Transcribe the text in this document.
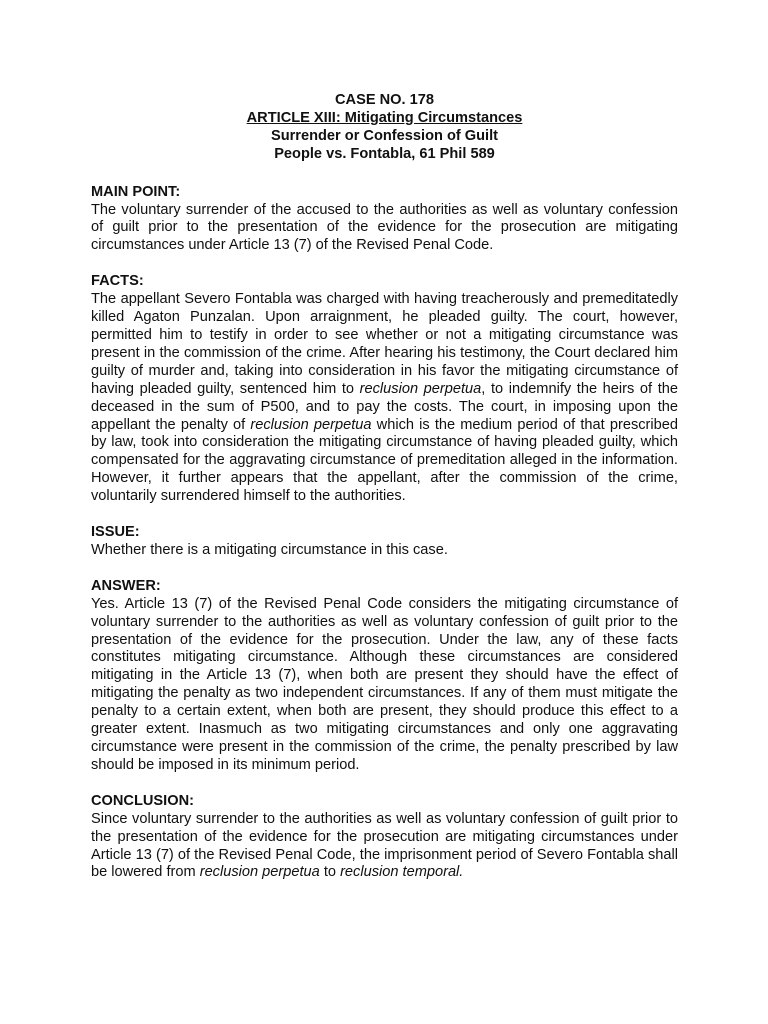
CASE NO. 178
ARTICLE XIII: Mitigating Circumstances
Surrender or Confession of Guilt
People vs. Fontabla, 61 Phil 589
MAIN POINT:

The voluntary surrender of the accused to the authorities as well as voluntary confession of guilt prior to the presentation of the evidence for the prosecution are mitigating circumstances under Article 13 (7) of the Revised Penal Code.

FACTS:

The appellant Severo Fontabla was charged with having treacherously and premeditatedly killed Agaton Punzalan. Upon arraignment, he pleaded guilty. The court, however, permitted him to testify in order to see whether or not a mitigating circumstance was present in the commission of the crime. After hearing his testimony, the Court declared him guilty of murder and, taking into consideration in his favor the mitigating circumstance of having pleaded guilty, sentenced him to reclusion perpetua, to indemnify the heirs of the deceased in the sum of P500, and to pay the costs. The court, in imposing upon the appellant the penalty of reclusion perpetua which is the medium period of that prescribed by law, took into consideration the mitigating circumstance of having pleaded guilty, which compensated for the aggravating circumstance of premeditation alleged in the information. However, it further appears that the appellant, after the commission of the crime, voluntarily surrendered himself to the authorities.

ISSUE:

Whether there is a mitigating circumstance in this case.

ANSWER:

Yes. Article 13 (7) of the Revised Penal Code considers the mitigating circumstance of voluntary surrender to the authorities as well as voluntary confession of guilt prior to the presentation of the evidence for the prosecution. Under the law, any of these facts constitutes mitigating circumstance. Although these circumstances are considered mitigating in the Article 13 (7), when both are present they should have the effect of mitigating the penalty as two independent circumstances. If any of them must mitigate the penalty to a certain extent, when both are present, they should produce this effect to a greater extent. Inasmuch as two mitigating circumstances and only one aggravating circumstance were present in the commission of the crime, the penalty prescribed by law should be imposed in its minimum period.

CONCLUSION:

Since voluntary surrender to the authorities as well as voluntary confession of guilt prior to the presentation of the evidence for the prosecution are mitigating circumstances under Article 13 (7) of the Revised Penal Code, the imprisonment period of Severo Fontabla shall be lowered from reclusion perpetua to reclusion temporal.
